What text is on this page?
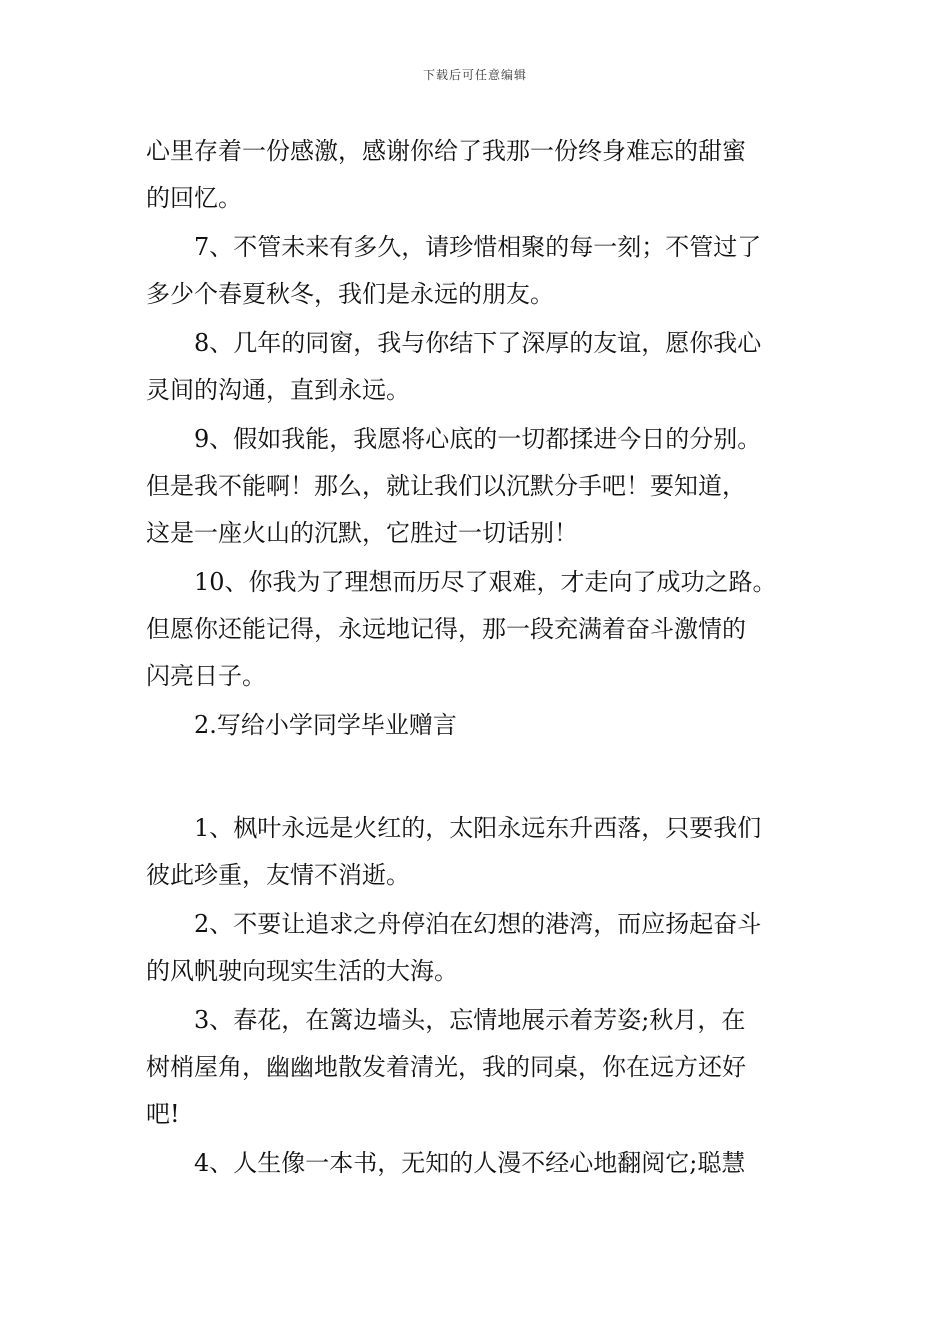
下载后可任意编辑
心里存着一份感激，感谢你给了我那一份终身难忘的甜蜜
的回忆。
7、不管未来有多久，请珍惜相聚的每一刻；不管过了
多少个春夏秋冬，我们是永远的朋友。
8、几年的同窗，我与你结下了深厚的友谊，愿你我心
灵间的沟通，直到永远。
9、假如我能，我愿将心底的一切都揉进今日的分别。
但是我不能啊！那么，就让我们以沉默分手吧！要知道，
这是一座火山的沉默，它胜过一切话别！
10、你我为了理想而历尽了艰难，才走向了成功之路。
但愿你还能记得，永远地记得，那一段充满着奋斗激情的
闪亮日子。
2.写给小学同学毕业赠言
1、枫叶永远是火红的，太阳永远东升西落，只要我们
彼此珍重，友情不消逝。
2、不要让追求之舟停泊在幻想的港湾，而应扬起奋斗
的风帆驶向现实生活的大海。
3、春花，在篱边墙头，忘情地展示着芳姿;秋月，在
树梢屋角，幽幽地散发着清光，我的同桌，你在远方还好
吧!
4、人生像一本书，无知的人漫不经心地翻阅它;聪慧
